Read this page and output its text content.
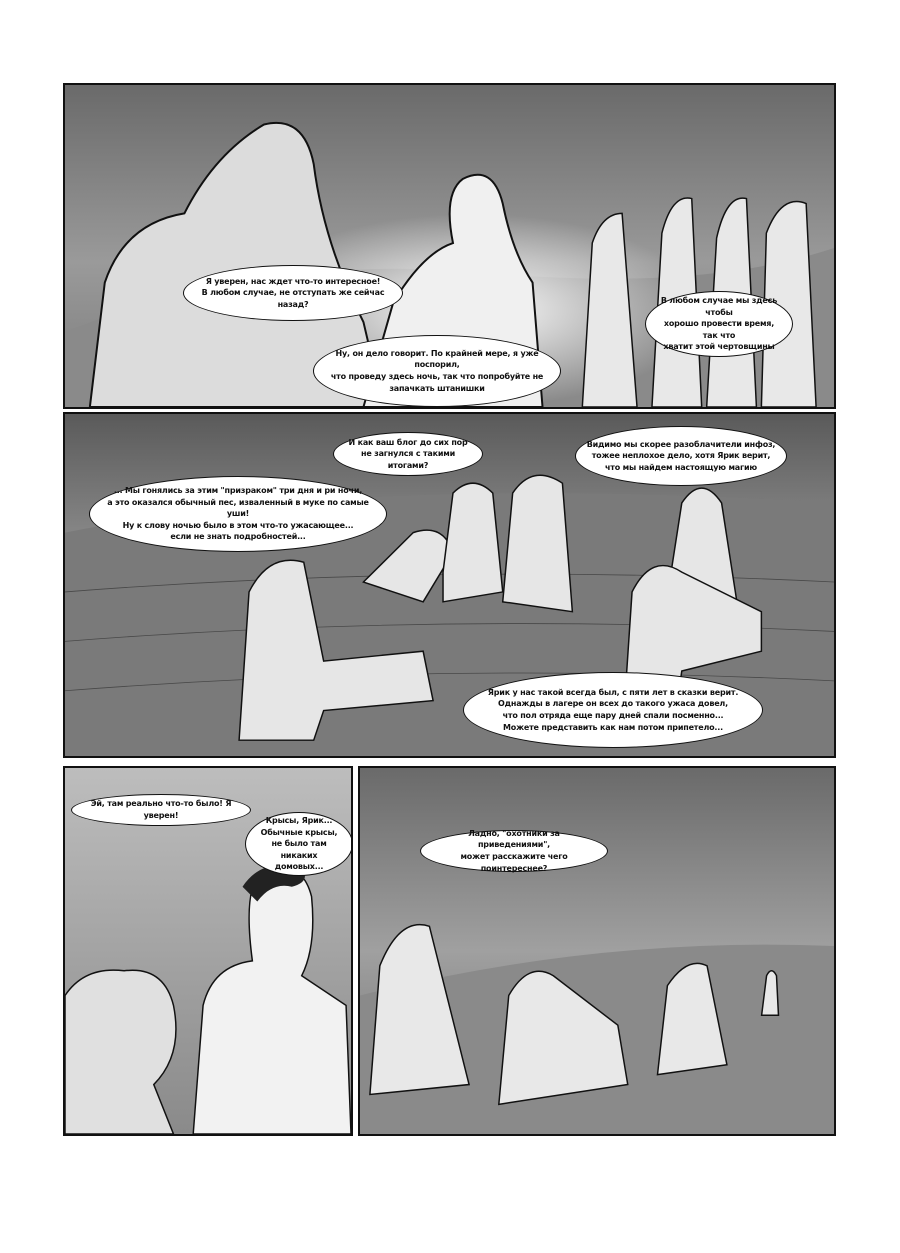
Я уверен, нас ждет что-то интересное!
В любом случае, не отступать же сейчас назад?
Ну, он дело говорит. По крайней мере, я уже поспорил,
что проведу здесь ночь, так что попробуйте не
запачкать штанишки
В любом случае мы здесь чтобы
хорошо провести время, так что
хватит этой чертовщины
И как ваш блог до сих пор
не загнулся с такими итогами?
Видимо мы скорее разоблачители инфоз,
тожее неплохое дело, хотя Ярик верит,
что мы найдем настоящую магию
... Мы гонялись за этим "призраком" три дня и ри ночи,
а это оказался обычный пес, изваленный в муке по самые уши!
Ну к слову ночью было в этом что-то ужасающее...
если не знать подробностей...
Ярик у нас такой всегда был, с пяти лет в сказки верит.
Однажды в лагере он всех до такого ужаса довел,
что пол отряда еще пару дней спали посменно...
Можете представить как нам потом припетело...
Эй, там реально что-то было! Я уверен!
Крысы, Ярик...
Обычные крысы,
не было там
никаких домовых...
Ладно, "охотники за приведениями",
может расскажите чего поинтереснее?
